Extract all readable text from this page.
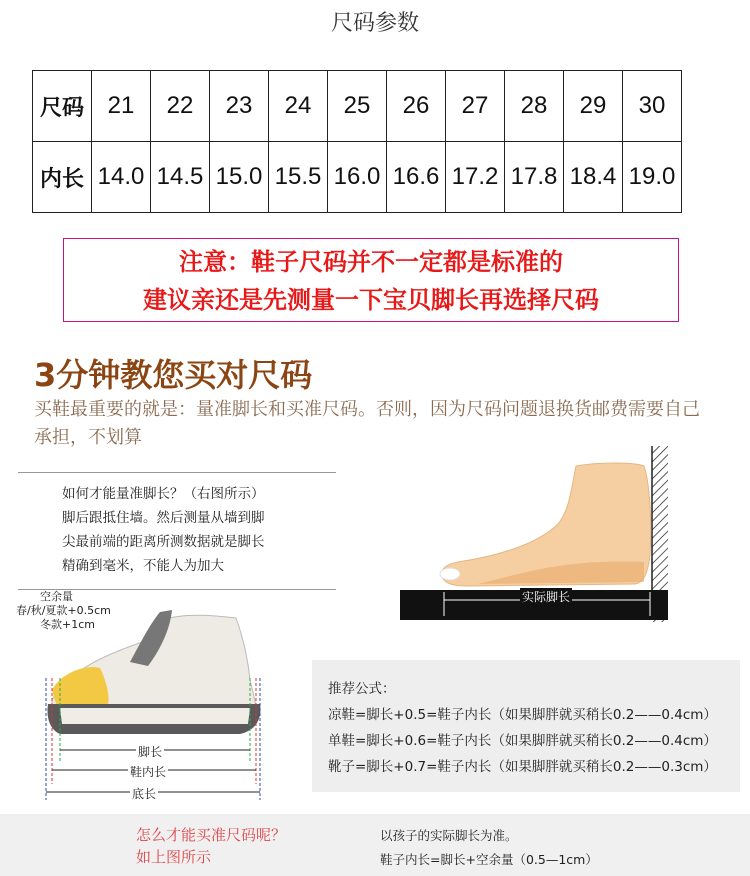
尺码参数
尺码	21	22	23	24	25	26	27	28	29	30
内长	14.0	14.5	15.0	15.5	16.0	16.6	17.2	17.8	18.4	19.0
注意：鞋子尺码并不一定都是标准的
建议亲还是先测量一下宝贝脚长再选择尺码
3分钟教您买对尺码
买鞋最重要的就是：量准脚长和买准尺码。否则，因为尺码问题退换货邮费需要自己承担，不划算
如何才能量准脚长？（右图所示）
脚后跟抵住墙。然后测量从墙到脚
尖最前端的距离所测数据就是脚长
精确到毫米，不能人为加大
实际脚长
空余量
春/秋/夏款+0.5cm
冬款+1cm
脚长
鞋内长
底长
推荐公式：
凉鞋=脚长+0.5=鞋子内长（如果脚胖就买稍长0.2——0.4cm）
单鞋=脚长+0.6=鞋子内长（如果脚胖就买稍长0.2——0.4cm）
靴子=脚长+0.7=鞋子内长（如果脚胖就买稍长0.2——0.3cm）
怎么才能买准尺码呢？
如上图所示
以孩子的实际脚长为准。
鞋子内长=脚长+空余量（0.5—1cm）
